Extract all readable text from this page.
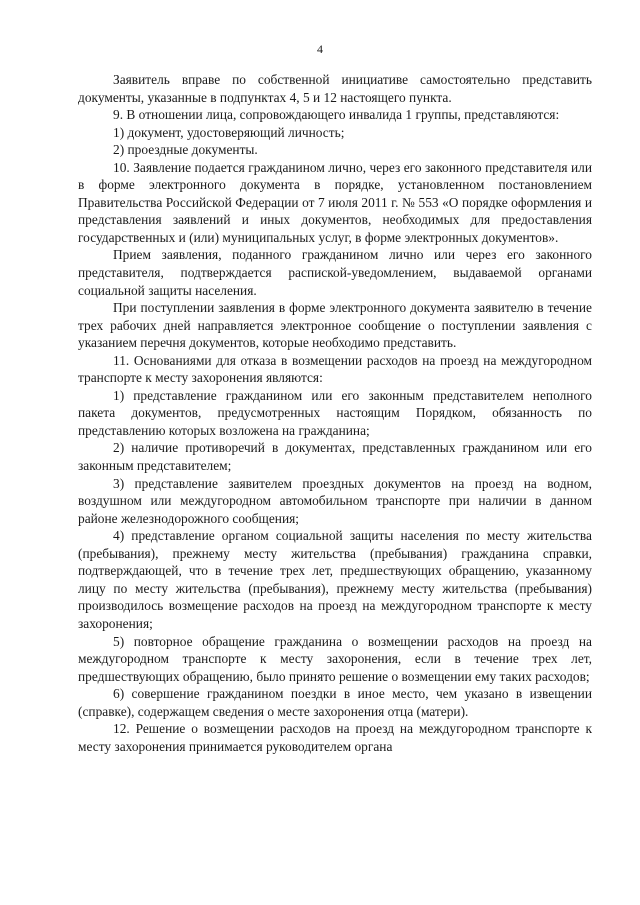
4

Заявитель вправе по собственной инициативе самостоятельно представить документы, указанные в подпунктах 4, 5 и 12 настоящего пункта.

9. В отношении лица, сопровождающего инвалида 1 группы, представляются:

1) документ, удостоверяющий личность;

2) проездные документы.

10. Заявление подается гражданином лично, через его законного представителя или в форме электронного документа в порядке, установленном постановлением Правительства Российской Федерации от 7 июля 2011 г. № 553 «О порядке оформления и представления заявлений и иных документов, необходимых для предоставления государственных и (или) муниципальных услуг, в форме электронных документов».

Прием заявления, поданного гражданином лично или через его законного представителя, подтверждается распиской-уведомлением, выдаваемой органами социальной защиты населения.

При поступлении заявления в форме электронного документа заявителю в течение трех рабочих дней направляется электронное сообщение о поступлении заявления с указанием перечня документов, которые необходимо представить.

11. Основаниями для отказа в возмещении расходов на проезд на междугородном транспорте к месту захоронения являются:

1) представление гражданином или его законным представителем неполного пакета документов, предусмотренных настоящим Порядком, обязанность по представлению которых возложена на гражданина;

2) наличие противоречий в документах, представленных гражданином или его законным представителем;

3) представление заявителем проездных документов на проезд на водном, воздушном или междугородном автомобильном транспорте при наличии в данном районе железнодорожного сообщения;

4) представление органом социальной защиты населения по месту жительства (пребывания), прежнему месту жительства (пребывания) гражданина справки, подтверждающей, что в течение трех лет, предшествующих обращению, указанному лицу по месту жительства (пребывания), прежнему месту жительства (пребывания) производилось возмещение расходов на проезд на междугородном транспорте к месту захоронения;

5) повторное обращение гражданина о возмещении расходов на проезд на междугородном транспорте к месту захоронения, если в течение трех лет, предшествующих обращению, было принято решение о возмещении ему таких расходов;

6) совершение гражданином поездки в иное место, чем указано в извещении (справке), содержащем сведения о месте захоронения отца (матери).

12. Решение о возмещении расходов на проезд на междугородном транспорте к месту захоронения принимается руководителем органа
